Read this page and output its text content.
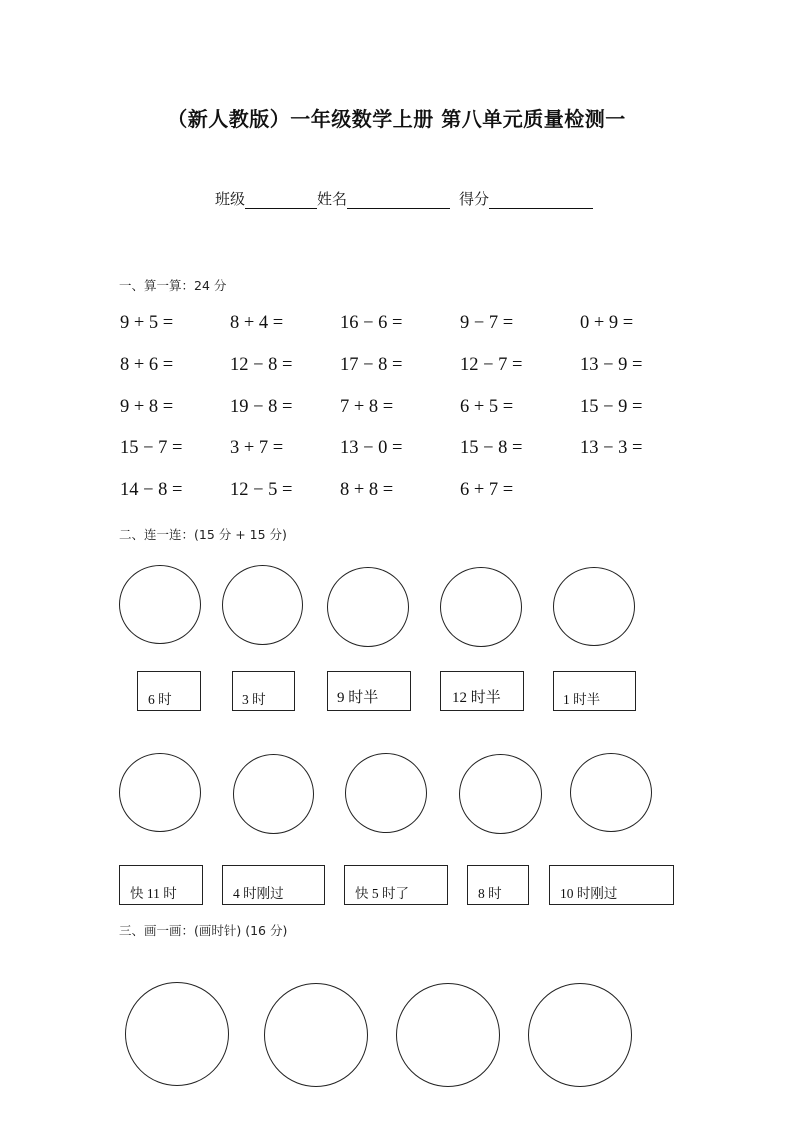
（新人教版）一年级数学上册 第八单元质量检测一
班级	姓名	得分
一、算一算：24 分
9 + 5 =	8 + 4 =	16 − 6 =	9 − 7 =	0 + 9 =
8 + 6 =	12 − 8 =	17 − 8 =	12 − 7 =	13 − 9 =
9 + 8 =	19 − 8 =	7 + 8 =	6 + 5 =	15 − 9 =
15 − 7 =	3 + 7 =	13 − 0 =	15 − 8 =	13 − 3 =
14 − 8 =	12 − 5 =	8 + 8 =	6 + 7 =
二、连一连：(15 分 + 15 分)
6 时	3 时	9 时半	12 时半	1 时半
快 11 时	4 时刚过	快 5 时了	8 时	10 时刚过
三、画一画：(画时针) (16 分)
